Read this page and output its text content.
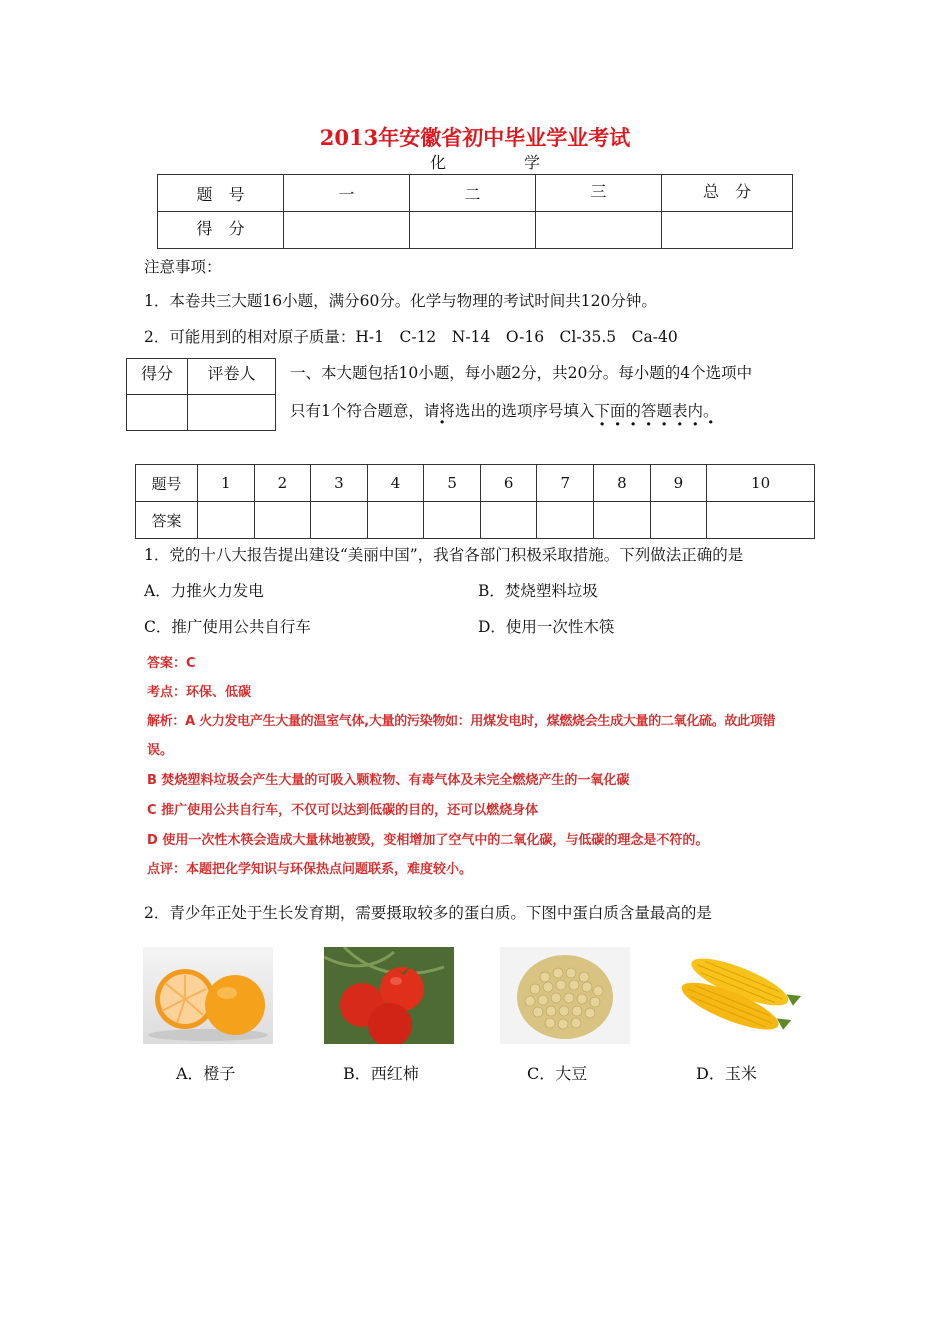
2013年安徽省初中毕业学业考试
化	学
题　号	一	二	三	总　分
得　分				
注意事项：
1．本卷共三大题16小题，满分60分。化学与物理的考试时间共120分钟。
2．可能用到的相对原子质量：H-1　C-12　N-14　O-16　Cl-35.5　Ca-40
得分	评卷人
	一、本大题包括10小题，每小题2分，共20分。每小题的4个选项中
只有1个符合题意，请将选出的选项序号填入 ·下面的答题表内。 ·
题号	1	2	3	4	5	6	7	8	9	10
答案										
1．党的十八大报告提出建设“美丽中国”，我省各部门积极采取措施。下列做法正确的是
A．力推火力发电	B．焚烧塑料垃圾
C．推广使用公共自行车	D．使用一次性木筷
答案：C
考点：环保、低碳
解析：A 火力发电产生大量的温室气体,大量的污染物如：用煤发电时，煤燃烧会生成大量的二氧化硫。故此项错
误。
B 焚烧塑料垃圾会产生大量的可吸入颗粒物、有毒气体及未完全燃烧产生的一氧化碳
C 推广使用公共自行车，不仅可以达到低碳的目的，还可以燃烧身体
D 使用一次性木筷会造成大量林地被毁，变相增加了空气中的二氧化碳，与低碳的理念是不符的。
点评：本题把化学知识与环保热点问题联系，难度较小。
2．青少年正处于生长发育期，需要摄取较多的蛋白质。下图中蛋白质含量最高的是
A．橙子	B．西红柿	C．大豆	D．玉米
